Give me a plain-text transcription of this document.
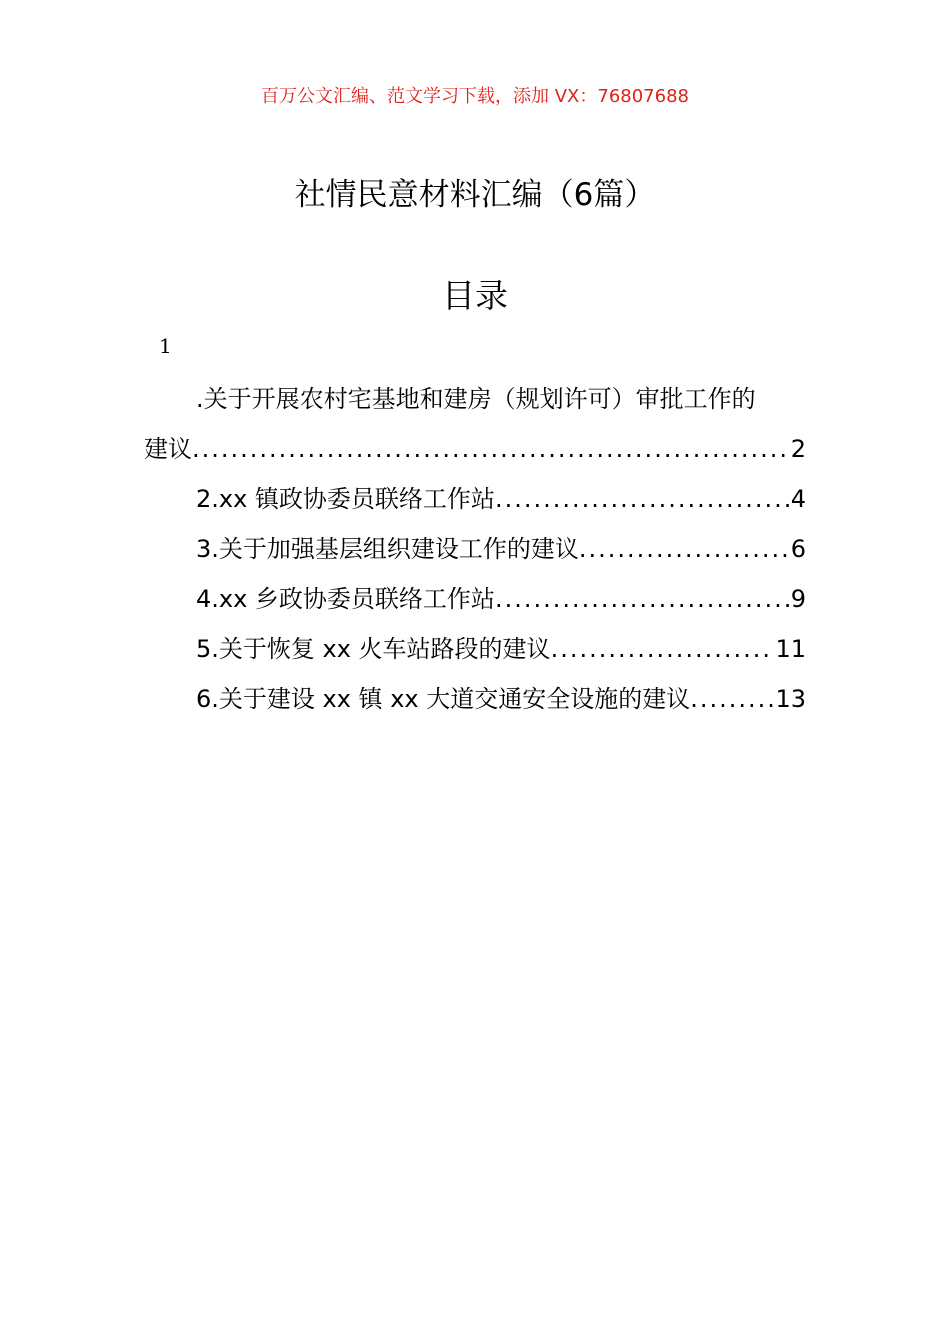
百万公文汇编、范文学习下载，添加 VX：76807688
社情民意材料汇编（6篇）
目录
1
.关于开展农村宅基地和建房（规划许可）审批工作的
建议 .....	2
2.xx 镇政协委员联络工作站 .....	4
3.关于加强基层组织建设工作的建议 .....	6
4.xx 乡政协委员联络工作站 .....	9
5.关于恢复 xx 火车站路段的建议 .....	11
6.关于建设 xx 镇 xx 大道交通安全设施的建议 .....	13
